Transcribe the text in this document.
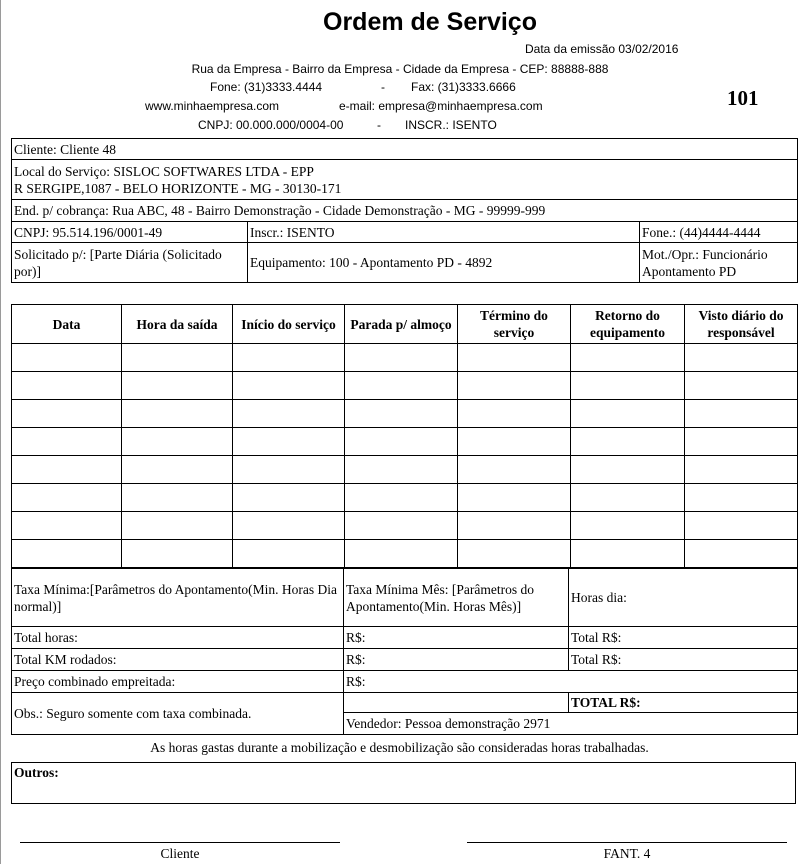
Ordem de Serviço
Data da emissão 03/02/2016
Rua da Empresa - Bairro da Empresa - Cidade da Empresa - CEP: 88888-888
Fone: (31)3333.4444	- Fax: (31)3333.6666
www.minhaempresa.com	e-mail: empresa@minhaempresa.com
CNPJ: 00.000.000/0004-00	- INSCR.: ISENTO
101
Cliente: Cliente 48		

Local do Serviço: SISLOC SOFTWARES LTDA - EPP
R SERGIPE,1087 - BELO HORIZONTE - MG - 30130-171		

End. p/ cobrança: Rua ABC, 48 - Bairro Demonstração - Cidade Demonstração - MG - 99999-999		
CNPJ: 95.514.196/0001-49	Inscr.: ISENTO	Fone.: (44)4444-4444
Solicitado p/: [Parte Diária (Solicitado por)]	Equipamento: 100 - Apontamento PD - 4892	Mot./Opr.: Funcionário Apontamento PD
Data	Hora da saída	Início do serviço	Parada p/ almoço	Término do serviço	Retorno do equipamento	Visto diário do responsável

Taxa Mínima:[Parâmetros do Apontamento(Min. Horas Dia normal)]	Taxa Mínima Mês: [Parâmetros do Apontamento(Min. Horas Mês)]	Horas dia:
Total horas:	R$:	Total R$:
Total KM rodados:	R$:	Total R$:
Preço combinado empreitada:	R$:	
Obs.: Seguro somente com taxa combinada.		TOTAL R$:
	Vendedor: Pessoa demonstração 2971	
As horas gastas durante a mobilização e desmobilização são consideradas horas trabalhadas.
Outros:
Cliente	FANT. 4
